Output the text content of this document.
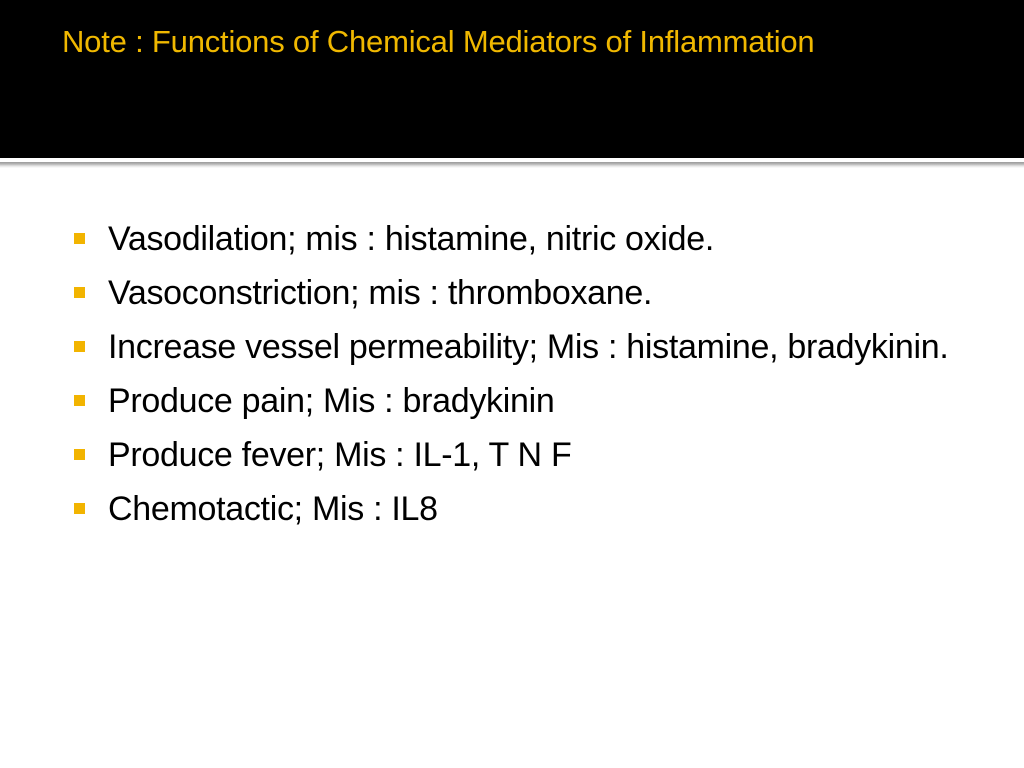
Note : Functions of Chemical Mediators of Inflammation
Vasodilation; mis : histamine, nitric oxide.
Vasoconstriction; mis : thromboxane.
Increase vessel permeability; Mis : histamine, bradykinin.
Produce pain; Mis : bradykinin
Produce fever; Mis : IL-1, T N F
Chemotactic; Mis : IL8
